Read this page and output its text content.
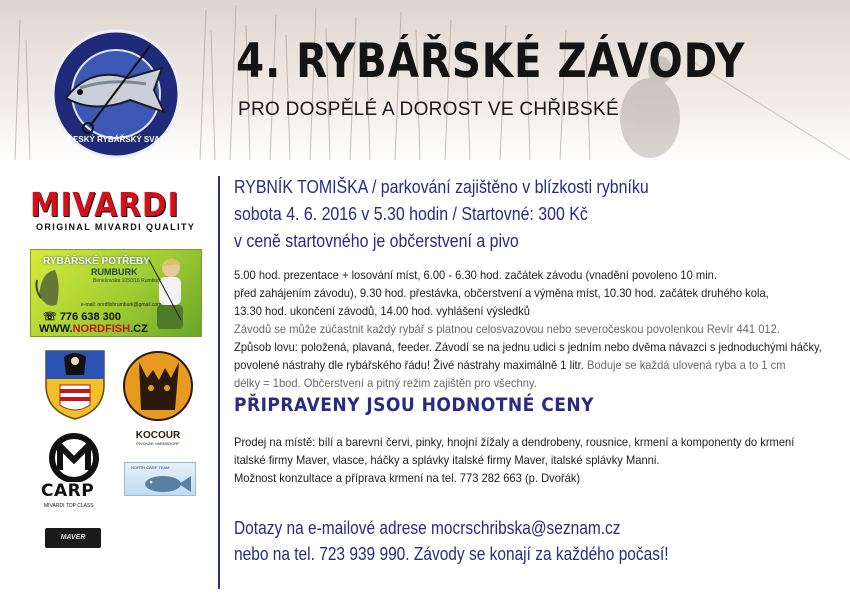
ČESKÝ RYBÁŘSKÝ SVAZ
4. RYBÁŘSKÉ ZÁVODY
PRO DOSPĚLÉ A DOROST VE CHŘIBSKÉ
MIVARDI
ORIGINAL MIVARDI QUALITY
RYBÁŘSKÉ POTŘEBY
RUMBURK
Benešovská 1050/16 Rumburk
e-mail: nordfishrumburk@gmail.com
☏ 776 638 300
WWW.NORDFISH.CZ
KOCOUR
PIVOVAR VARNSDORF
CARP
MIVARDI TOP CLASS
NORTH CARP TEAM
MAVER
RYBNÍK TOMIŠKA / parkování zajištěno v blízkosti rybníku
sobota 4. 6. 2016 v 5.30 hodin / Startovné: 300 Kč
v ceně startovného je občerstvení a pivo

5.00 hod. prezentace + losování míst, 6.00 - 6.30 hod. začátek závodu (vnadění povoleno 10 min.

před zahájením závodu), 9.30 hod. přestávka, občerstvení a výměna míst, 10.30 hod. začátek druhého kola,

13.30 hod. ukončení závodů, 14.00 hod. vyhlášení výsledků

Závodů se může zúčastnit každý rybář s platnou celosvazovou nebo severočeskou povolenkou Revír 441 012.

Způsob lovu: položená, plavaná, feeder. Závodí se na jednu udici s jedním nebo dvěma návazci s jednoduchými háčky,

povolené nástrahy dle rybářského řádu! Živé nástrahy maximálně 1 litr. Boduje se každá ulovená ryba a to 1 cm

délky = 1bod. Občerstvení a pitný režim zajištěn pro všechny.

PŘIPRAVENY JSOU HODNOTNÉ CENY

Prodej na místě: bílí a barevní červi, pinky, hnojní žížaly a dendrobeny, rousnice, krmení a komponenty do krmení

italské firmy Maver, vlasce, háčky a splávky italské firmy Maver, italské splávky Manni.

Možnost konzultace a příprava krmení na tel. 773 282 663 (p. Dvořák)

Dotazy na e-mailové adrese mocrschribska@seznam.cz
nebo na tel. 723 939 990. Závody se konají za každého počasí!
